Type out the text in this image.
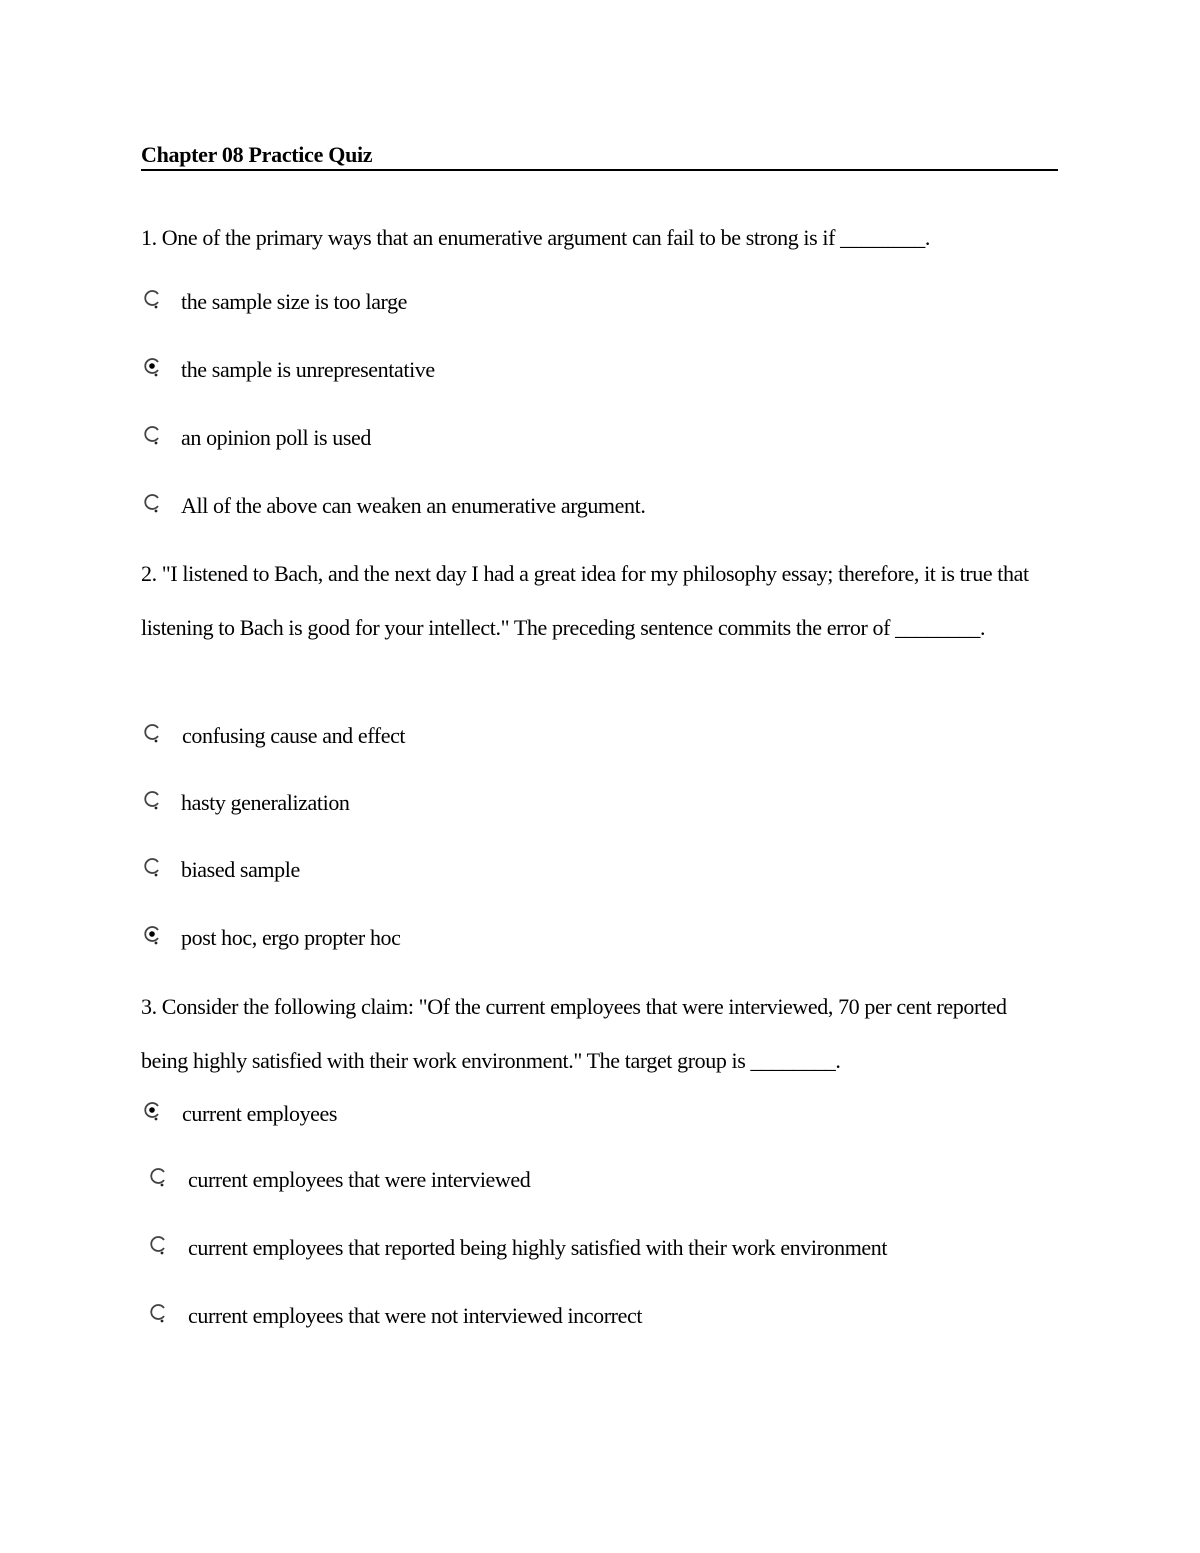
Chapter 08 Practice Quiz
1. One of the primary ways that an enumerative argument can fail to be strong is if ________.
the sample size is too large
the sample is unrepresentative
an opinion poll is used
All of the above can weaken an enumerative argument.
2. "I listened to Bach, and the next day I had a great idea for my philosophy essay; therefore, it is true that listening to Bach is good for your intellect." The preceding sentence commits the error of ________.
confusing cause and effect
hasty generalization
biased sample
post hoc, ergo propter hoc
3. Consider the following claim: "Of the current employees that were interviewed, 70 per cent reported being highly satisfied with their work environment." The target group is ________.
current employees
current employees that were interviewed
current employees that reported being highly satisfied with their work environment
current employees that were not interviewed incorrect
